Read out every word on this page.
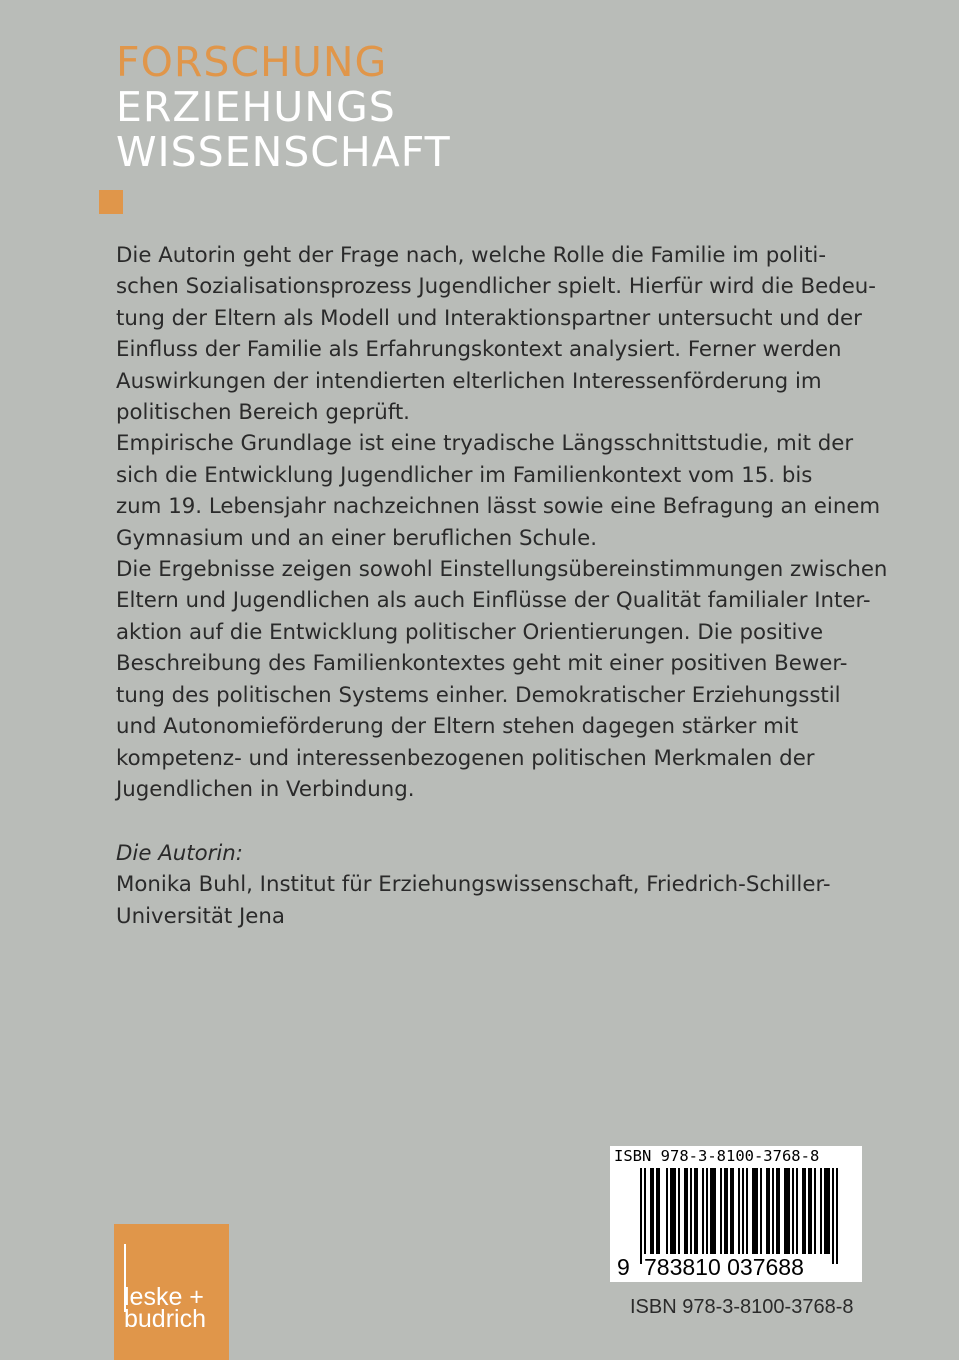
FORSCHUNG
ERZIEHUNGS
WISSENSCHAFT
Die Autorin geht der Frage nach, welche Rolle die Familie im politi-
schen Sozialisationsprozess Jugendlicher spielt. Hierfür wird die Bedeu-
tung der Eltern als Modell und Interaktionspartner untersucht und der
Einfluss der Familie als Erfahrungskontext analysiert. Ferner werden
Auswirkungen der intendierten elterlichen Interessenförderung im
politischen Bereich geprüft.
Empirische Grundlage ist eine tryadische Längsschnittstudie, mit der
sich die Entwicklung Jugendlicher im Familienkontext vom 15. bis
zum 19. Lebensjahr nachzeichnen lässt sowie eine Befragung an einem
Gymnasium und an einer beruflichen Schule.
Die Ergebnisse zeigen sowohl Einstellungsübereinstimmungen zwischen
Eltern und Jugendlichen als auch Einflüsse der Qualität familialer Inter-
aktion auf die Entwicklung politischer Orientierungen. Die positive
Beschreibung des Familienkontextes geht mit einer positiven Bewer-
tung des politischen Systems einher. Demokratischer Erziehungsstil
und Autonomieförderung der Eltern stehen dagegen stärker mit
kompetenz- und interessenbezogenen politischen Merkmalen der
Jugendlichen in Verbindung.
Die Autorin:
Monika Buhl, Institut für Erziehungswissenschaft, Friedrich-Schiller-
Universität Jena
ISBN 978-3-8100-3768-8
9 783810 037688
ISBN 978-3-8100-3768-8
leske +
budrich
